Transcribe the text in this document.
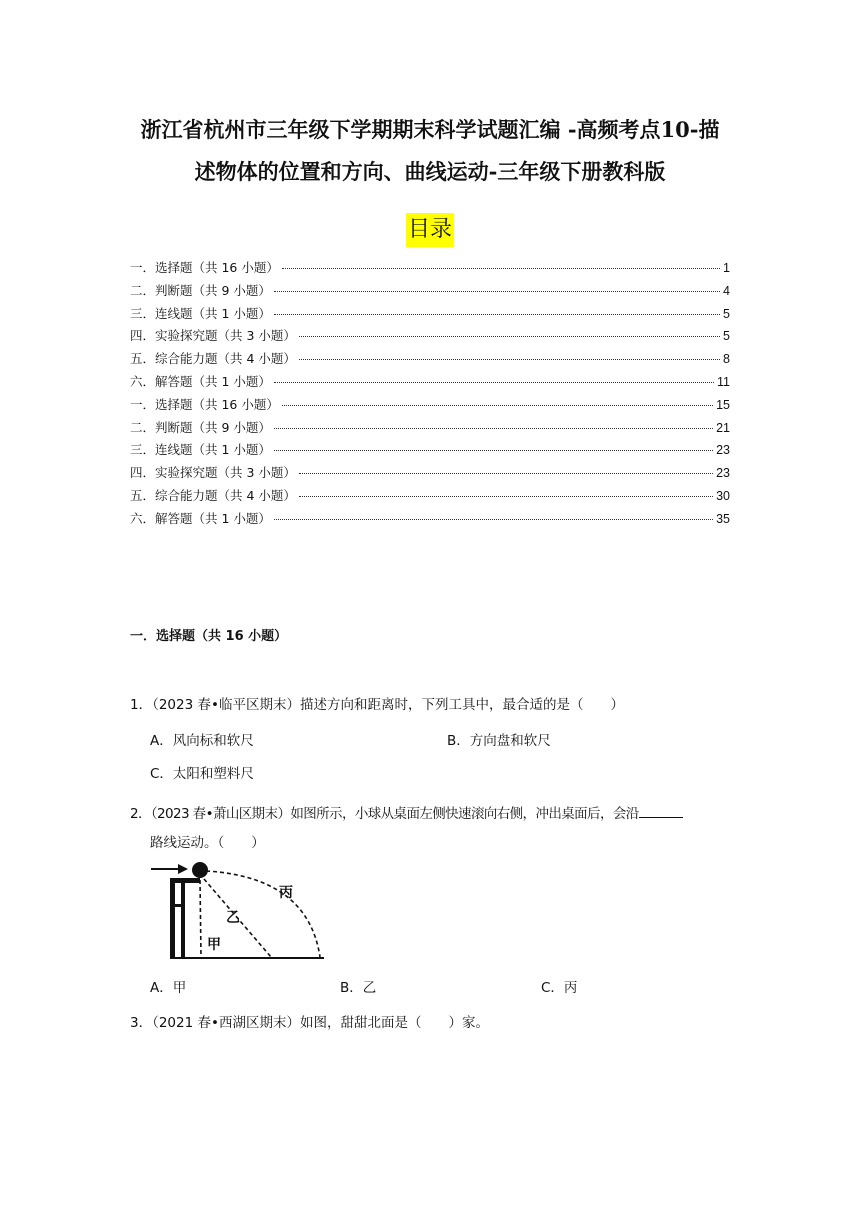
浙江省杭州市三年级下学期期末科学试题汇编 -高频考点10-描
述物体的位置和方向、曲线运动-三年级下册教科版
目录
一．选择题（共 16 小题）	1
二．判断题（共 9 小题）	4
三．连线题（共 1 小题）	5
四．实验探究题（共 3 小题）	5
五．综合能力题（共 4 小题）	8
六．解答题（共 1 小题）	11
一．选择题（共 16 小题）	15
二．判断题（共 9 小题）	21
三．连线题（共 1 小题）	23
四．实验探究题（共 3 小题）	23
五．综合能力题（共 4 小题）	30
六．解答题（共 1 小题）	35
一．选择题（共 16 小题）
1．（2023 春•临平区期末）描述方向和距离时，下列工具中，最合适的是（　　）
A．风向标和软尺	B．方向盘和软尺
C．太阳和塑料尺
2．（2023 春•萧山区期末）如图所示，小球从桌面左侧快速滚向右侧，冲出桌面后，会沿
路线运动。（　　）
甲
乙
丙
A．甲	B．乙	C．丙
3．（2021 春•西湖区期末）如图，甜甜北面是（　　）家。
